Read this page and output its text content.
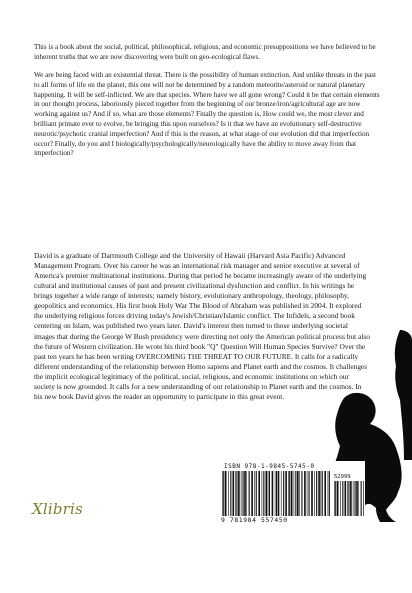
This is a book about the social, political, philosophical, religious, and economic presuppositions we have believed to be inherent truths that we are now discovering were built on geo-ecological flaws.

We are being faced with an existential threat. There is the possibility of human extinction. And unlike threats in the past to all forms of life on the planet, this one will not be determined by a random meteorite/asteroid or natural planetary happening. It will be self-inflicted. We are that species. Where have we all gone wrong? Could it be that certain elements in our thought process, laboriously pieced together from the beginning of our bronze/iron/agricultural age are now working against us? And if so, what are those elements? Finally the question is, How could we, the most clever and brilliant primate ever to evolve, be bringing this upon ourselves? Is it that we have an evolutionary self-destructive neurotic/psychotic cranial imperfection? And if this is the reason, at what stage of our evolution did that imperfection occur? Finally, do you and I biologically/psychologically/neurologically have the ability to move away from that imperfection?

David is a graduate of Dartmouth College and the University of Hawaii (Harvard Asia Pacific) Advanced Management Program. Over his career he was an international risk manager and senior executive at several of America's premier multinational institutions. During that period he became increasingly aware of the underlying cultural and institutional causes of past and present civilizational dysfunction and conflict. In his writings he brings together a wide range of interests; namely history, evolutionary anthropology, theology, philosophy, geopolitics and economics. His first book Holy War The Blood of Abraham was published in 2004. It explored the underlying religious forces driving today's Jewish/Christian/Islamic conflict. The Infidels, a second book centering on Islam, was published two years later. David's interest then turned to those underlying societal images that during the George W Bush presidency were directing not only the American political process but also the future of Western civilization. He wrote his third book "Q" Question Will Human Species Survive? Over the past ten years he has been writing OVERCOMING THE THREAT TO OUR FUTURE. It calls for a radically different understanding of the relationship between Homo sapiens and Planet earth and the cosmos. It challenges the implicit ecological legitimacy of the political, social, religious, and economic institutions on which our society is now grounded. It calls for a new understanding of our relationship to Planet earth and the cosmos. In his new book David gives the reader an opportunity to participate in this great event.

Xlibris
ISBN 978-1-9845-5745-0
52999
9 781984 557450
